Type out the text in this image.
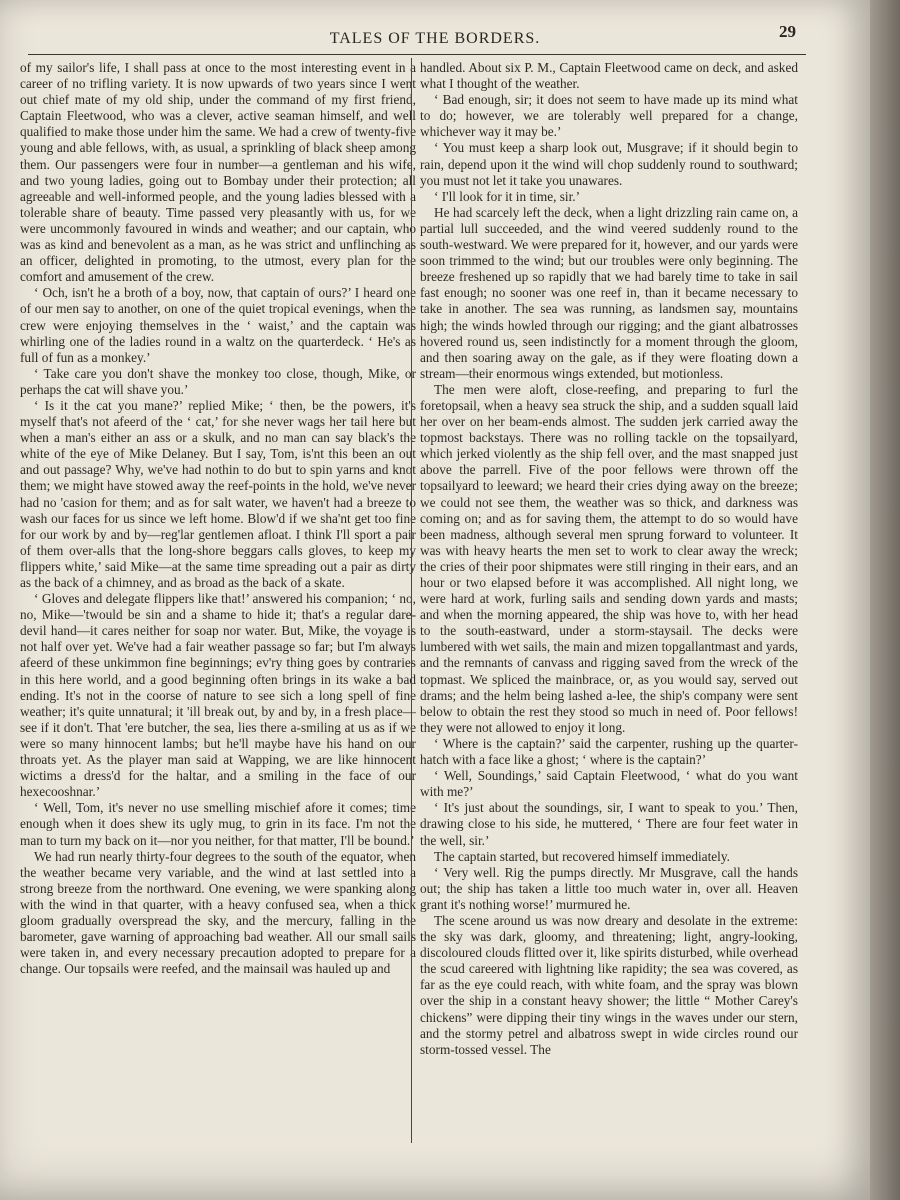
TALES OF THE BORDERS.	29

of my sailor's life, I shall pass at once to the most interesting event in a career of no trifling variety. It is now upwards of two years since I went out chief mate of my old ship, under the command of my first friend, Captain Fleetwood, who was a clever, active seaman himself, and well qualified to make those under him the same. We had a crew of twenty-five young and able fellows, with, as usual, a sprinkling of black sheep among them. Our passengers were four in number—a gentleman and his wife, and two young ladies, going out to Bombay under their protection; all agreeable and well-informed people, and the young ladies blessed with a tolerable share of beauty. Time passed very pleasantly with us, for we were uncommonly favoured in winds and weather; and our captain, who was as kind and benevolent as a man, as he was strict and unflinching as an officer, delighted in promoting, to the utmost, every plan for the comfort and amusement of the crew.

‘ Och, isn't he a broth of a boy, now, that captain of ours?’ I heard one of our men say to another, on one of the quiet tropical evenings, when the crew were enjoying themselves in the ‘ waist,’ and the captain was whirling one of the ladies round in a waltz on the quarterdeck. ‘ He's as full of fun as a monkey.’

‘ Take care you don't shave the monkey too close, though, Mike, or perhaps the cat will shave you.’

‘ Is it the cat you mane?’ replied Mike; ‘ then, be the powers, it's myself that's not afeerd of the ‘ cat,’ for she never wags her tail here but when a man's either an ass or a skulk, and no man can say black's the white of the eye of Mike Delaney. But I say, Tom, is'nt this been an out and out passage? Why, we've had nothin to do but to spin yarns and knot them; we might have stowed away the reef-points in the hold, we've never had no 'casion for them; and as for salt water, we haven't had a breeze to wash our faces for us since we left home. Blow'd if we sha'nt get too fine for our work by and by—reg'lar gentlemen afloat. I think I'll sport a pair of them over-alls that the long-shore beggars calls gloves, to keep my flippers white,’ said Mike—at the same time spreading out a pair as dirty as the back of a chimney, and as broad as the back of a skate.

‘ Gloves and delegate flippers like that!’ answered his companion; ‘ no, no, Mike—'twould be sin and a shame to hide it; that's a regular dare-devil hand—it cares neither for soap nor water. But, Mike, the voyage is not half over yet. We've had a fair weather passage so far; but I'm always afeerd of these unkimmon fine beginnings; ev'ry thing goes by contraries in this here world, and a good beginning often brings in its wake a bad ending. It's not in the coorse of nature to see sich a long spell of fine weather; it's quite unnatural; it 'ill break out, by and by, in a fresh place—see if it don't. That 'ere butcher, the sea, lies there a-smiling at us as if we were so many hinnocent lambs; but he'll maybe have his hand on our throats yet. As the player man said at Wapping, we are like hinnocent wictims a dress'd for the haltar, and a smiling in the face of our hexecooshnar.’

‘ Well, Tom, it's never no use smelling mischief afore it comes; time enough when it does shew its ugly mug, to grin in its face. I'm not the man to turn my back on it—nor you neither, for that matter, I'll be bound.’

We had run nearly thirty-four degrees to the south of the equator, when the weather became very variable, and the wind at last settled into a strong breeze from the northward. One evening, we were spanking along with the wind in that quarter, with a heavy confused sea, when a thick gloom gradually overspread the sky, and the mercury, falling in the barometer, gave warning of approaching bad weather. All our small sails were taken in, and every necessary precaution adopted to prepare for a change. Our topsails were reefed, and the mainsail was hauled up and

handled. About six P. M., Captain Fleetwood came on deck, and asked what I thought of the weather.

‘ Bad enough, sir; it does not seem to have made up its mind what to do; however, we are tolerably well prepared for a change, whichever way it may be.’

‘ You must keep a sharp look out, Musgrave; if it should begin to rain, depend upon it the wind will chop suddenly round to southward; you must not let it take you unawares.

‘ I'll look for it in time, sir.’

He had scarcely left the deck, when a light drizzling rain came on, a partial lull succeeded, and the wind veered suddenly round to the south-westward. We were prepared for it, however, and our yards were soon trimmed to the wind; but our troubles were only beginning. The breeze freshened up so rapidly that we had barely time to take in sail fast enough; no sooner was one reef in, than it became necessary to take in another. The sea was running, as landsmen say, mountains high; the winds howled through our rigging; and the giant albatrosses hovered round us, seen indistinctly for a moment through the gloom, and then soaring away on the gale, as if they were floating down a stream—their enormous wings extended, but motionless.

The men were aloft, close-reefing, and preparing to furl the foretopsail, when a heavy sea struck the ship, and a sudden squall laid her over on her beam-ends almost. The sudden jerk carried away the topmost backstays. There was no rolling tackle on the topsailyard, which jerked violently as the ship fell over, and the mast snapped just above the parrell. Five of the poor fellows were thrown off the topsailyard to leeward; we heard their cries dying away on the breeze; we could not see them, the weather was so thick, and darkness was coming on; and as for saving them, the attempt to do so would have been madness, although several men sprung forward to volunteer. It was with heavy hearts the men set to work to clear away the wreck; the cries of their poor shipmates were still ringing in their ears, and an hour or two elapsed before it was accomplished. All night long, we were hard at work, furling sails and sending down yards and masts; and when the morning appeared, the ship was hove to, with her head to the south-eastward, under a storm-staysail. The decks were lumbered with wet sails, the main and mizen topgallantmast and yards, and the remnants of canvass and rigging saved from the wreck of the topmast. We spliced the mainbrace, or, as you would say, served out drams; and the helm being lashed a-lee, the ship's company were sent below to obtain the rest they stood so much in need of. Poor fellows! they were not allowed to enjoy it long.

‘ Where is the captain?’ said the carpenter, rushing up the quarter-hatch with a face like a ghost; ‘ where is the captain?’

‘ Well, Soundings,’ said Captain Fleetwood, ‘ what do you want with me?’

‘ It's just about the soundings, sir, I want to speak to you.’ Then, drawing close to his side, he muttered, ‘ There are four feet water in the well, sir.’

The captain started, but recovered himself immediately.

‘ Very well. Rig the pumps directly. Mr Musgrave, call the hands out; the ship has taken a little too much water in, over all. Heaven grant it's nothing worse!’ murmured he.

The scene around us was now dreary and desolate in the extreme: the sky was dark, gloomy, and threatening; light, angry-looking, discoloured clouds flitted over it, like spirits disturbed, while overhead the scud careered with lightning like rapidity; the sea was covered, as far as the eye could reach, with white foam, and the spray was blown over the ship in a constant heavy shower; the little “ Mother Carey's chickens” were dipping their tiny wings in the waves under our stern, and the stormy petrel and albatross swept in wide circles round our storm-tossed vessel. The
